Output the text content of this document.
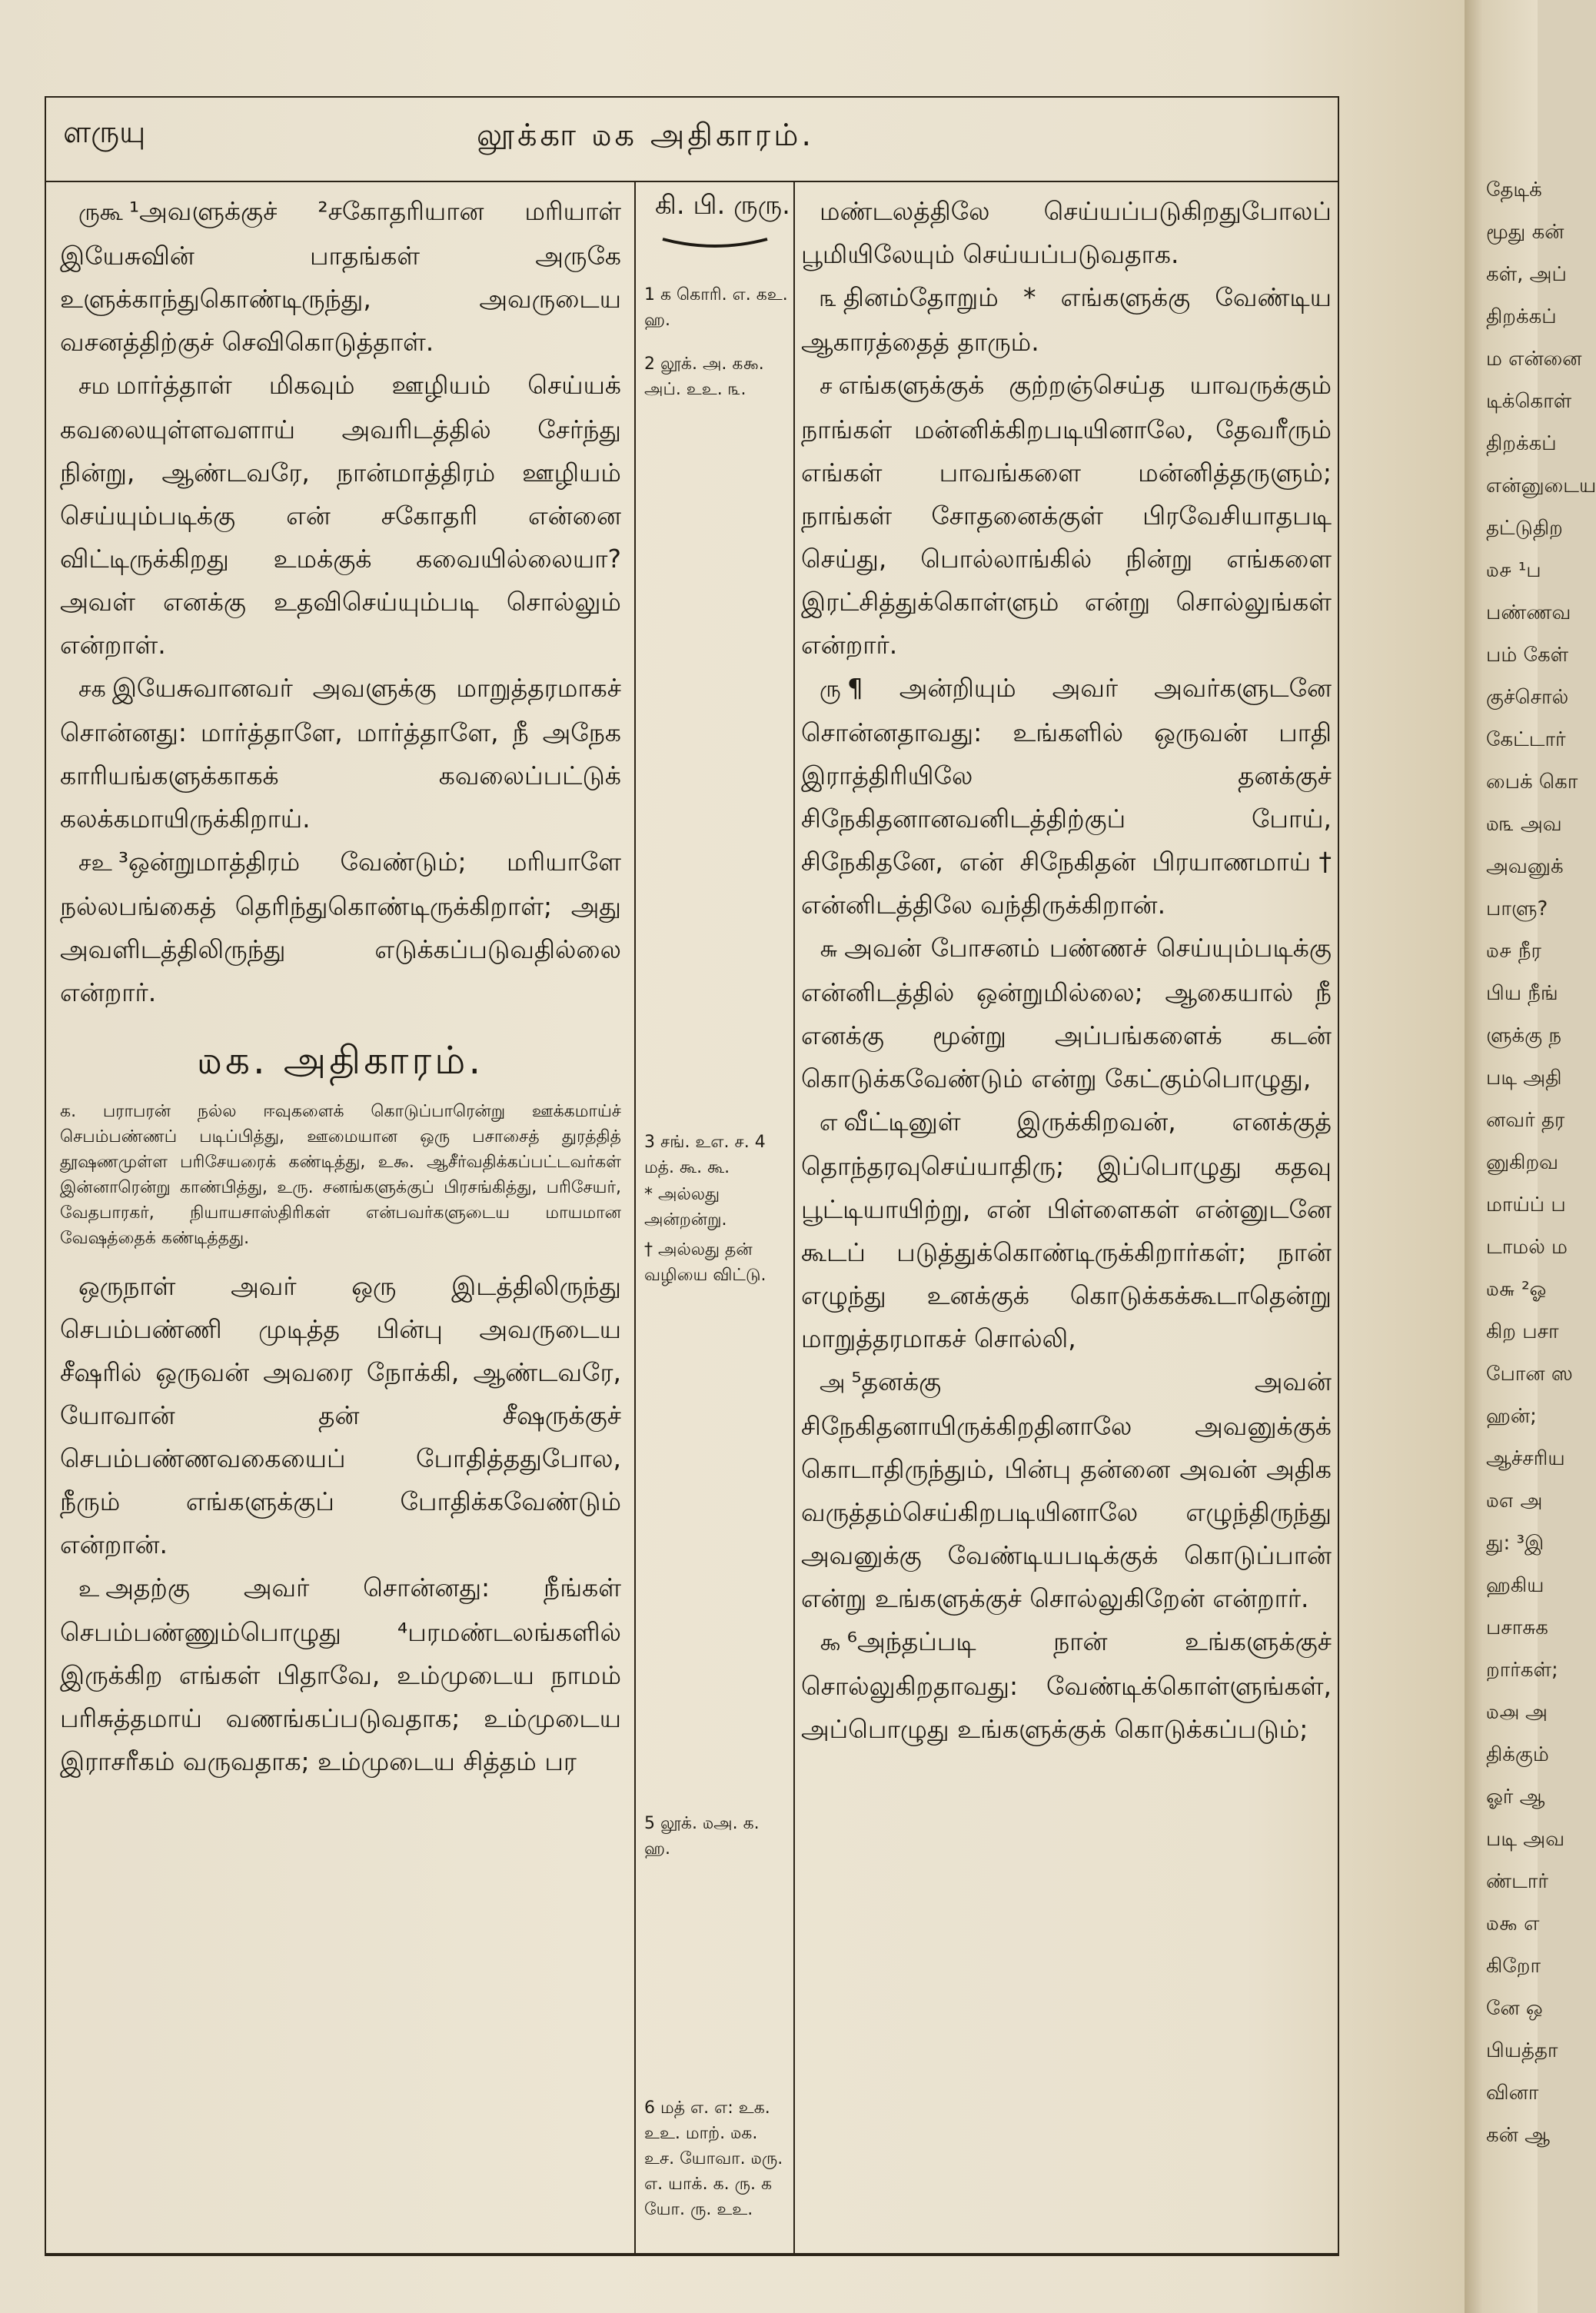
ளருயு	லூக்கா ௰க அதிகாரம்.
ருகூ ¹அவளுக்குச் ²சகோதரியான மரியாள் இயேசுவின் பாதங்கள் அருகே உளுக்காந்துகொண்டிருந்து, அவருடைய வசனத்திற்குச் செவிகொடுத்தாள்.
சம மார்த்தாள் மிகவும் ஊழியம் செய்யக் கவலையுள்ளவளாய் அவரிடத்தில் சேர்ந்து நின்று, ஆண்டவரே, நான்மாத்திரம் ஊழியம் செய்யும்படிக்கு என் சகோதரி என்னை விட்டிருக்கிறது உமக்குக் கவையில்லையா? அவள் எனக்கு உதவிசெய்யும்படி சொல்லும் என்றாள்.
சக இயேசுவானவர் அவளுக்கு மாறுத்தரமாகச் சொன்னது: மார்த்தாளே, மார்த்தாளே, நீ அநேக காரியங்களுக்காகக் கவலைப்பட்டுக் கலக்கமாயிருக்கிறாய்.
சஉ ³ஒன்றுமாத்திரம் வேண்டும்; மரியாளே நல்லபங்கைத் தெரிந்துகொண்டிருக்கிறாள்; அது அவளிடத்திலிருந்து எடுக்கப்படுவதில்லை என்றார்.
௰க. அதிகாரம்.
க. பராபரன் நல்ல ஈவுகளைக் கொடுப்பாரென்று ஊக்கமாய்ச் செபம்பண்ணப் படிப்பித்து, ஊமையான ஒரு பசாசைத் துரத்தித் தூஷணமுள்ள பரிசேயரைக் கண்டித்து, உ௯. ஆசீர்வதிக்கப்பட்டவர்கள் இன்னாரென்று காண்பித்து, உரு. சனங்களுக்குப் பிரசங்கித்து, பரிசேயர், வேதபாரகர், நியாயசாஸ்திரிகள் என்பவர்களுடைய மாயமான வேஷத்தைக் கண்டித்தது.
ஒருநாள் அவர் ஒரு இடத்திலிருந்து செபம்பண்ணி முடித்த பின்பு அவருடைய சீஷரில் ஒருவன் அவரை நோக்கி, ஆண்டவரே, யோவான் தன் சீஷருக்குச் செபம்பண்ணவகையைப் போதித்ததுபோல, நீரும் எங்களுக்குப் போதிக்கவேண்டும் என்றான்.
உ அதற்கு அவர் சொன்னது: நீங்கள் செபம்பண்ணும்பொழுது ⁴பரமண்டலங்களில் இருக்கிற எங்கள் பிதாவே, உம்முடைய நாமம் பரிசுத்தமாய் வணங்கப்படுவதாக; உம்முடைய இராசரீகம் வருவதாக; உம்முடைய சித்தம் பர
கி. பி. ருரு.
1 க கொரி. எ. கஉ. ஹ.
2 லூக். அ. க௯. அப். உஉ. ௩.
3 சங். உஎ. ச. 4 மத். கூ. கூ.
* அல்லது அன்றன்று.
† அல்லது தன் வழியை விட்டு.
5 லூக். ௰அ. க. ஹ.
6 மத் எ. எ: உக. உஉ. மாற். ௰க. உச. யோவா. ௰ரு. எ. யாக். க. ரு. க யோ. ரு. உஉ.
மண்டலத்திலே செய்யப்படுகிறதுபோலப் பூமியிலேயும் செய்யப்படுவதாக.
௩ தினம்தோறும் * எங்களுக்கு வேண்டிய ஆகாரத்தைத் தாரும்.
ச எங்களுக்குக் குற்றஞ்செய்த யாவருக்கும் நாங்கள் மன்னிக்கிறபடியினாலே, தேவரீரும் எங்கள் பாவங்களை மன்னித்தருளும்; நாங்கள் சோதனைக்குள் பிரவேசியாதபடி செய்து, பொல்லாங்கில் நின்று எங்களை இரட்சித்துக்கொள்ளும் என்று சொல்லுங்கள் என்றார்.
ரு ¶ அன்றியும் அவர் அவர்களுடனே சொன்னதாவது: உங்களில் ஒருவன் பாதி இராத்திரியிலே தனக்குச் சிநேகிதனானவனிடத்திற்குப் போய், சிநேகிதனே, என் சிநேகிதன் பிரயாணமாய்† என்னிடத்திலே வந்திருக்கிறான்.
௬ அவன் போசனம் பண்ணச் செய்யும்படிக்கு என்னிடத்தில் ஒன்றுமில்லை; ஆகையால் நீ எனக்கு மூன்று அப்பங்களைக் கடன் கொடுக்கவேண்டும் என்று கேட்கும்பொழுது,
எ வீட்டினுள் இருக்கிறவன், எனக்குத் தொந்தரவுசெய்யாதிரு; இப்பொழுது கதவு பூட்டியாயிற்று, என் பிள்ளைகள் என்னுடனே கூடப் படுத்துக்கொண்டிருக்கிறார்கள்; நான் எழுந்து உனக்குக் கொடுக்கக்கூடாதென்று மாறுத்தரமாகச் சொல்லி,
அ ⁵தனக்கு அவன் சிநேகிதனாயிருக்கிறதினாலே அவனுக்குக் கொடாதிருந்தும், பின்பு தன்னை அவன் அதிக வருத்தம்செய்கிறபடியினாலே எழுந்திருந்து அவனுக்கு வேண்டியபடிக்குக் கொடுப்பான் என்று உங்களுக்குச் சொல்லுகிறேன் என்றார்.
௯ ⁶அந்தப்படி நான் உங்களுக்குச் சொல்லுகிறதாவது: வேண்டிக்கொள்ளுங்கள், அப்பொழுது உங்களுக்குக் கொடுக்கப்படும்;
தேடிக்
மூது கன்
கள், அப்
திறக்கப்
ம என்னை
டிக்கொள்
திறக்கப்
என்னுடைய
தட்டுதிற
௰௪ ¹ப
பண்ணவ
பம் கேள்
குச்சொல்
கேட்டார்
பைக் கொ
௰௩ அவ
அவனுக்
பாளு?
௰௪ நீர
பிய நீங்
ளுக்கு ந
படி அதி
னவர் தர
னுகிறவ
மாய்ப் ப
டாமல் ம
௰௬ ²ஓ
கிற பசா
போன ஸ
ஹன்;
ஆச்சரிய
௰௭ அ
து: ³இ
ஹகிய
பசாசுக
றார்கள்;
௰௮ அ
திக்கும்
ஓர் ஆ
படி அவ
ண்டார்
௰௯ எ
கிறோ
னே ஒ
பியத்தா
வினா
கன் ஆ
